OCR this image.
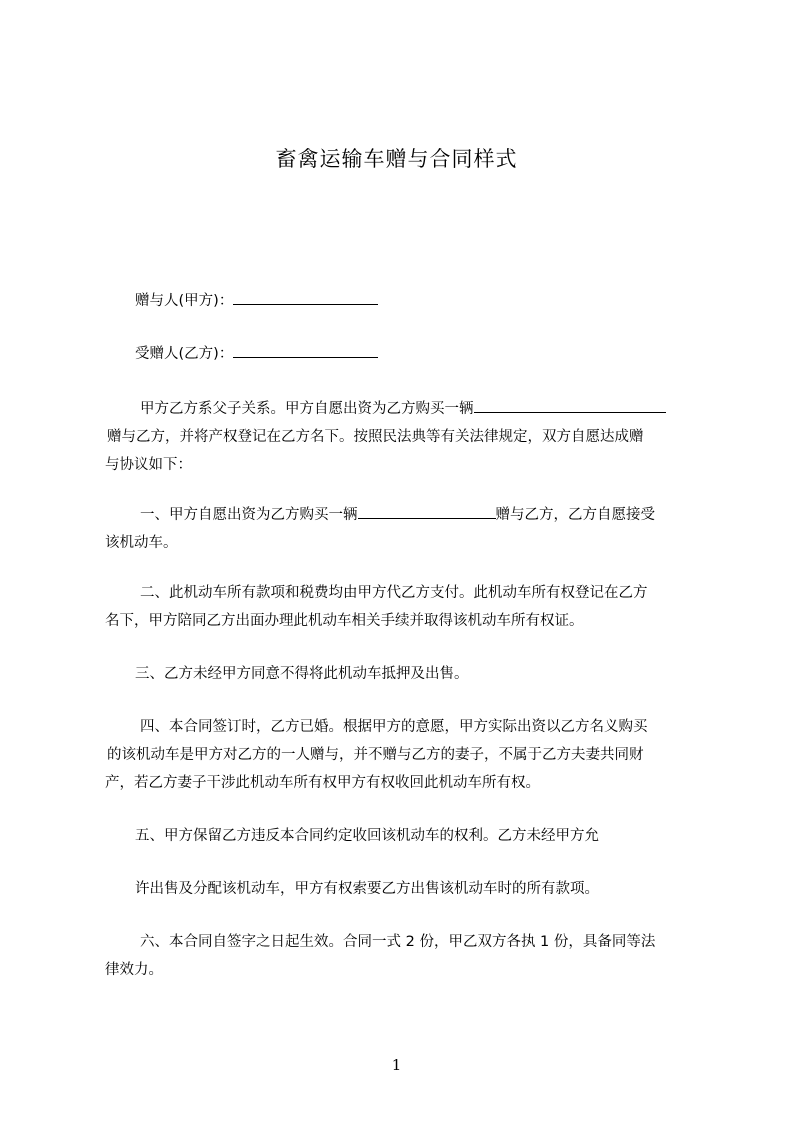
畜禽运输车赠与合同样式
赠与人(甲方)：
受赠人(乙方)：
甲方乙方系父子关系。甲方自愿出资为乙方购买一辆
赠与乙方，并将产权登记在乙方名下。按照民法典等有关法律规定，双方自愿达成赠
与协议如下：
一、甲方自愿出资为乙方购买一辆	赠与乙方，乙方自愿接受
该机动车。
二、此机动车所有款项和税费均由甲方代乙方支付。此机动车所有权登记在乙方
名下，甲方陪同乙方出面办理此机动车相关手续并取得该机动车所有权证。
三、乙方未经甲方同意不得将此机动车抵押及出售。
四、本合同签订时，乙方已婚。根据甲方的意愿，甲方实际出资以乙方名义购买
的该机动车是甲方对乙方的一人赠与，并不赠与乙方的妻子，不属于乙方夫妻共同财
产，若乙方妻子干涉此机动车所有权甲方有权收回此机动车所有权。
五、甲方保留乙方违反本合同约定收回该机动车的权利。乙方未经甲方允
许出售及分配该机动车，甲方有权索要乙方出售该机动车时的所有款项。
六、本合同自签字之日起生效。合同一式 2 份，甲乙双方各执 1 份，具备同等法
律效力。
1
